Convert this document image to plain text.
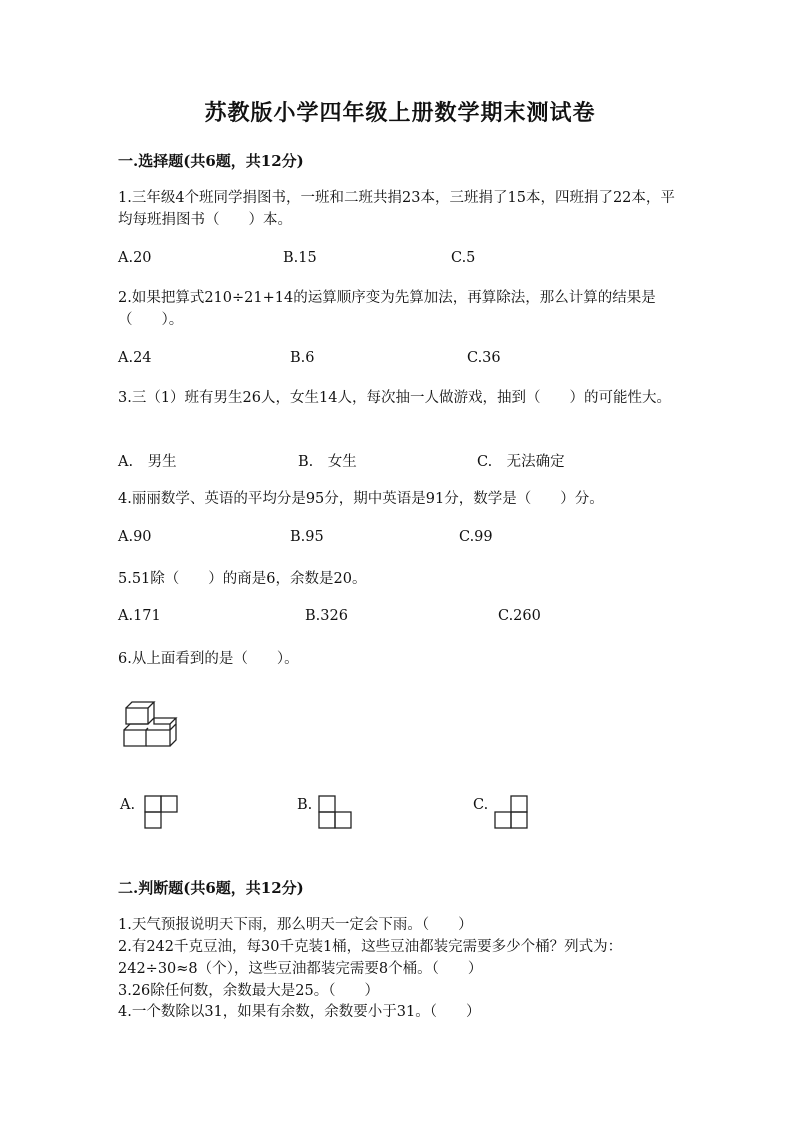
苏教版小学四年级上册数学期末测试卷
一.选择题(共6题，共12分)
1.三年级4个班同学捐图书，一班和二班共捐23本，三班捐了15本，四班捐了22本，平均每班捐图书（　　）本。
A.20	B.15	C.5
2.如果把算式210÷21+14的运算顺序变为先算加法，再算除法，那么计算的结果是（　　）。
A.24	B.6	C.36
3.三（1）班有男生26人，女生14人，每次抽一人做游戏，抽到（　　）的可能性大。
A.　男生	B.　女生	C.　无法确定
4.丽丽数学、英语的平均分是95分，期中英语是91分，数学是（　　）分。
A.90	B.95	C.99
5.51除（　　）的商是6，余数是20。
A.171	B.326	C.260
6.从上面看到的是（　　）。
A.	B.	C.
二.判断题(共6题，共12分)
1.天气预报说明天下雨，那么明天一定会下雨。（　　）
2.有242千克豆油，每30千克装1桶，这些豆油都装完需要多少个桶？列式为：242÷30≈8（个），这些豆油都装完需要8个桶。（　　）
3.26除任何数，余数最大是25。（　　）
4.一个数除以31，如果有余数，余数要小于31。（　　）
